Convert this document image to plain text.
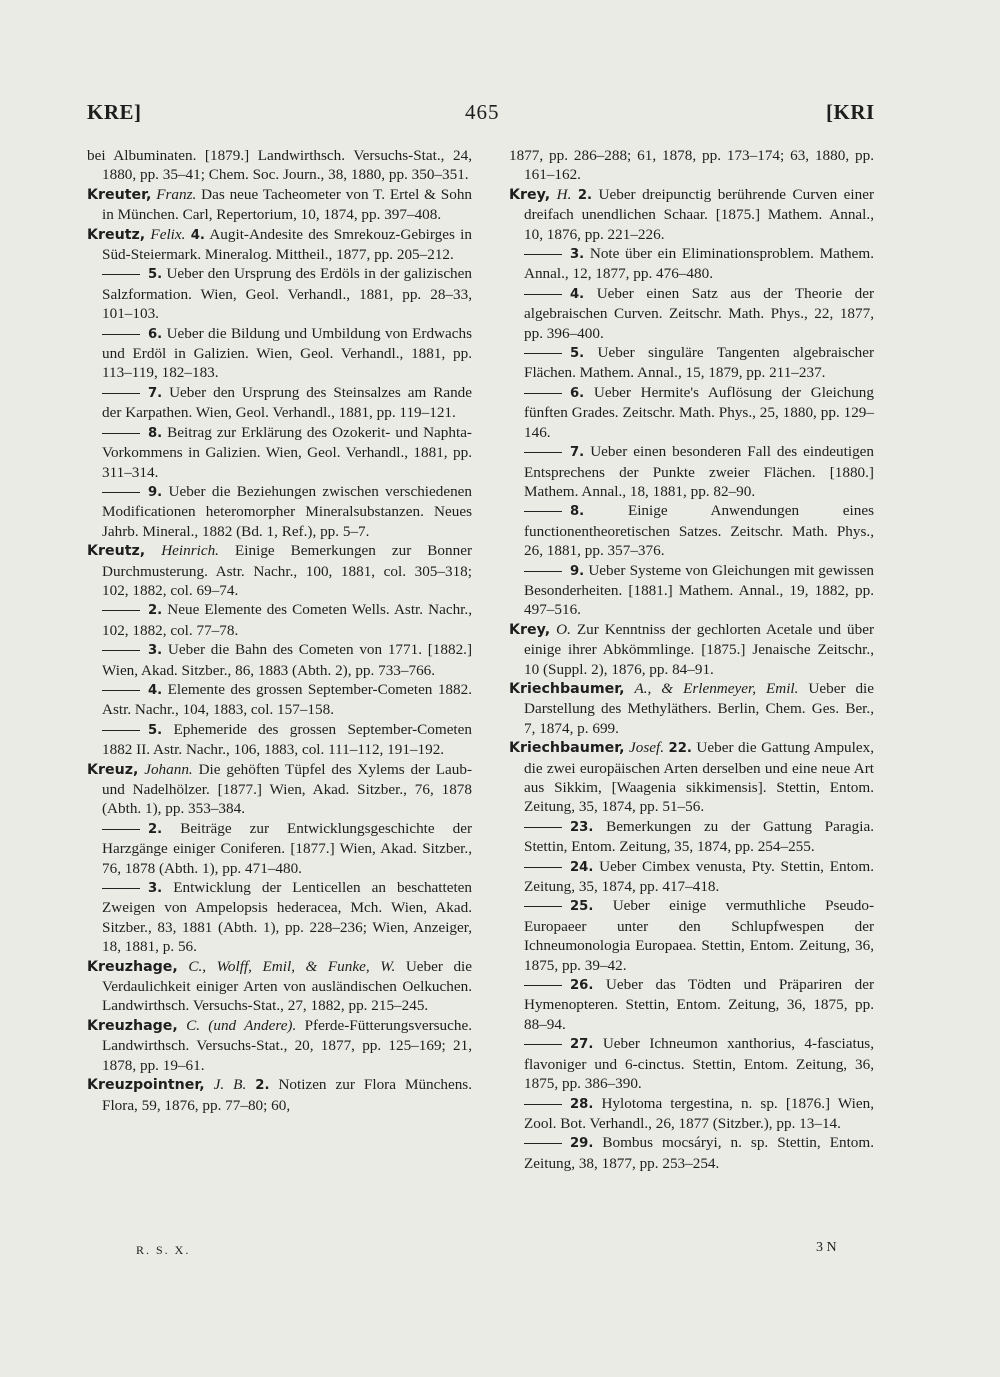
KRE]	465	[KRI

bei Albuminaten. [1879.] Landwirthsch. Versuchs-Stat., 24, 1880, pp. 35–41; Chem. Soc. Journ., 38, 1880, pp. 350–351.

Kreuter, Franz. Das neue Tacheometer von T. Ertel & Sohn in München. Carl, Repertorium, 10, 1874, pp. 397–408.

Kreutz, Felix. 4. Augit-Andesite des Smrekouz-Gebirges in Süd-Steiermark. Mineralog. Mittheil., 1877, pp. 205–212.

5. Ueber den Ursprung des Erdöls in der galizischen Salzformation. Wien, Geol. Verhandl., 1881, pp. 28–33, 101–103.

6. Ueber die Bildung und Umbildung von Erdwachs und Erdöl in Galizien. Wien, Geol. Verhandl., 1881, pp. 113–119, 182–183.

7. Ueber den Ursprung des Steinsalzes am Rande der Karpathen. Wien, Geol. Verhandl., 1881, pp. 119–121.

8. Beitrag zur Erklärung des Ozokerit- und Naphta-Vorkommens in Galizien. Wien, Geol. Verhandl., 1881, pp. 311–314.

9. Ueber die Beziehungen zwischen verschiedenen Modificationen heteromorpher Mineralsubstanzen. Neues Jahrb. Mineral., 1882 (Bd. 1, Ref.), pp. 5–7.

Kreutz, Heinrich. Einige Bemerkungen zur Bonner Durchmusterung. Astr. Nachr., 100, 1881, col. 305–318; 102, 1882, col. 69–74.

2. Neue Elemente des Cometen Wells. Astr. Nachr., 102, 1882, col. 77–78.

3. Ueber die Bahn des Cometen von 1771. [1882.] Wien, Akad. Sitzber., 86, 1883 (Abth. 2), pp. 733–766.

4. Elemente des grossen September-Cometen 1882. Astr. Nachr., 104, 1883, col. 157–158.

5. Ephemeride des grossen September-Cometen 1882 II. Astr. Nachr., 106, 1883, col. 111–112, 191–192.

Kreuz, Johann. Die gehöften Tüpfel des Xylems der Laub- und Nadelhölzer. [1877.] Wien, Akad. Sitzber., 76, 1878 (Abth. 1), pp. 353–384.

2. Beiträge zur Entwicklungsgeschichte der Harzgänge einiger Coniferen. [1877.] Wien, Akad. Sitzber., 76, 1878 (Abth. 1), pp. 471–480.

3. Entwicklung der Lenticellen an beschatteten Zweigen von Ampelopsis hederacea, Mch. Wien, Akad. Sitzber., 83, 1881 (Abth. 1), pp. 228–236; Wien, Anzeiger, 18, 1881, p. 56.

Kreuzhage, C., Wolff, Emil, & Funke, W. Ueber die Verdaulichkeit einiger Arten von ausländischen Oelkuchen. Landwirthsch. Versuchs-Stat., 27, 1882, pp. 215–245.

Kreuzhage, C. (und Andere). Pferde-Fütterungsversuche. Landwirthsch. Versuchs-Stat., 20, 1877, pp. 125–169; 21, 1878, pp. 19–61.

Kreuzpointner, J. B. 2. Notizen zur Flora Münchens. Flora, 59, 1876, pp. 77–80; 60,

1877, pp. 286–288; 61, 1878, pp. 173–174; 63, 1880, pp. 161–162.

Krey, H. 2. Ueber dreipunctig berührende Curven einer dreifach unendlichen Schaar. [1875.] Mathem. Annal., 10, 1876, pp. 221–226.

3. Note über ein Eliminationsproblem. Mathem. Annal., 12, 1877, pp. 476–480.

4. Ueber einen Satz aus der Theorie der algebraischen Curven. Zeitschr. Math. Phys., 22, 1877, pp. 396–400.

5. Ueber singuläre Tangenten algebraischer Flächen. Mathem. Annal., 15, 1879, pp. 211–237.

6. Ueber Hermite's Auflösung der Gleichung fünften Grades. Zeitschr. Math. Phys., 25, 1880, pp. 129–146.

7. Ueber einen besonderen Fall des eindeutigen Entsprechens der Punkte zweier Flächen. [1880.] Mathem. Annal., 18, 1881, pp. 82–90.

8.	Einige Anwendungen eines functionentheoretischen Satzes. Zeitschr. Math. Phys., 26, 1881, pp. 357–376.

9. Ueber Systeme von Gleichungen mit gewissen Besonderheiten. [1881.] Mathem. Annal., 19, 1882, pp. 497–516.

Krey, O. Zur Kenntniss der gechlorten Acetale und über einige ihrer Abkömmlinge. [1875.] Jenaische Zeitschr., 10 (Suppl. 2), 1876, pp. 84–91.

Kriechbaumer, A., & Erlenmeyer, Emil. Ueber die Darstellung des Methyläthers. Berlin, Chem. Ges. Ber., 7, 1874, p. 699.

Kriechbaumer, Josef. 22. Ueber die Gattung Ampulex, die zwei europäischen Arten derselben und eine neue Art aus Sikkim, [Waagenia sikkimensis]. Stettin, Entom. Zeitung, 35, 1874, pp. 51–56.

23. Bemerkungen zu der Gattung Paragia. Stettin, Entom. Zeitung, 35, 1874, pp. 254–255.

24. Ueber Cimbex venusta, Pty. Stettin, Entom. Zeitung, 35, 1874, pp. 417–418.

25. Ueber einige vermuthliche Pseudo-Europaeer unter den Schlupfwespen der Ichneumonologia Europaea. Stettin, Entom. Zeitung, 36, 1875, pp. 39–42.

26. Ueber das Tödten und Präpariren der Hymenopteren. Stettin, Entom. Zeitung, 36, 1875, pp. 88–94.

27. Ueber Ichneumon xanthorius, 4-fasciatus, flavoniger und 6-cinctus. Stettin, Entom. Zeitung, 36, 1875, pp. 386–390.

28. Hylotoma tergestina, n. sp. [1876.] Wien, Zool. Bot. Verhandl., 26, 1877 (Sitzber.), pp. 13–14.

29. Bombus mocsáryi, n. sp. Stettin, Entom. Zeitung, 38, 1877, pp. 253–254.

R. S. X.	3 N
